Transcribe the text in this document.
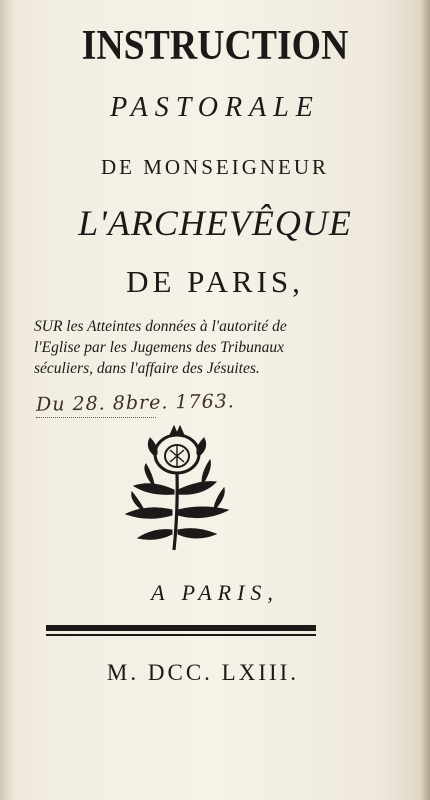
INSTRUCTION
PASTORALE
DE MONSEIGNEUR
L'ARCHEVÊQUE
DE PARIS,
SUR les Atteintes données à l'autorité de
l'Eglise par les Jugemens des Tribunaux
séculiers, dans l'affaire des Jésuites.
Du 28. 8bre. 1763.
A PARIS,
M. DCC. LXIII.
